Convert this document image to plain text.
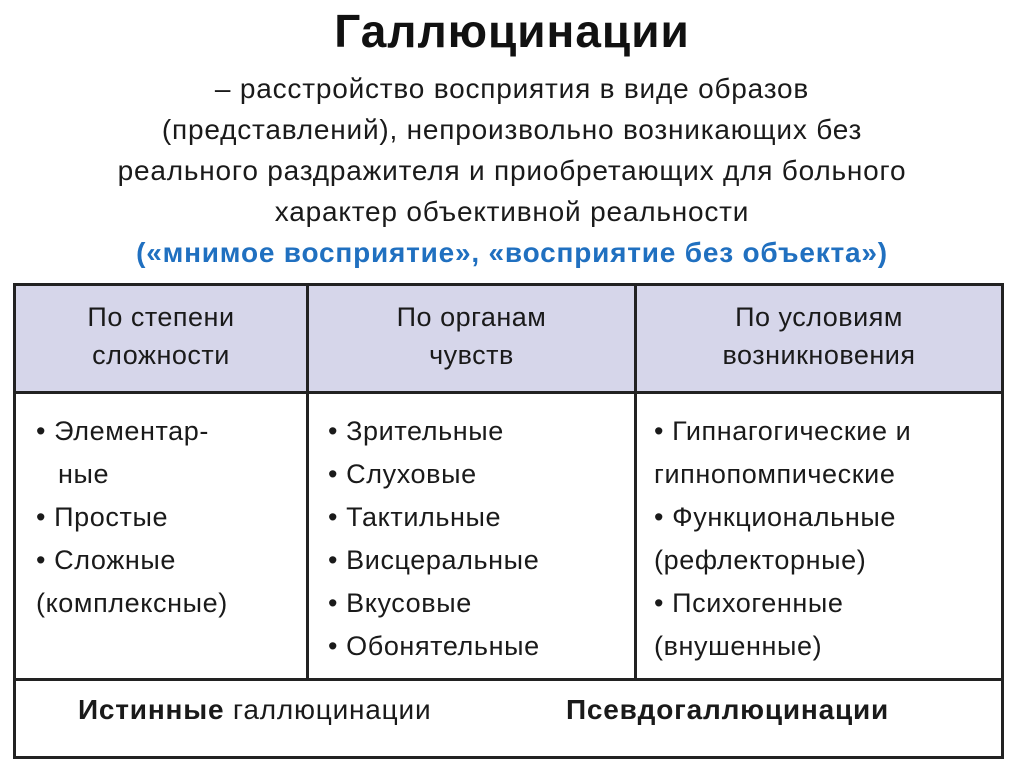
Галлюцинации
– расстройство восприятия в виде образов
(представлений), непроизвольно возникающих без
реального раздражителя и приобретающих для больного
характер объективной реальности
(«мнимое восприятие», «восприятие без объекта»)
По степени
сложности
По органам
чувств
По условиям
возникновения
• Элементар-
ные
• Простые
• Сложные
(комплексные)
• Зрительные
• Слуховые
• Тактильные
• Висцеральные
• Вкусовые
• Обонятельные
• Гипнагогические и
гипнопомпические
• Функциональные
(рефлекторные)
• Психогенные
(внушенные)
Истинные галлюцинации	Псевдогаллюцинации
